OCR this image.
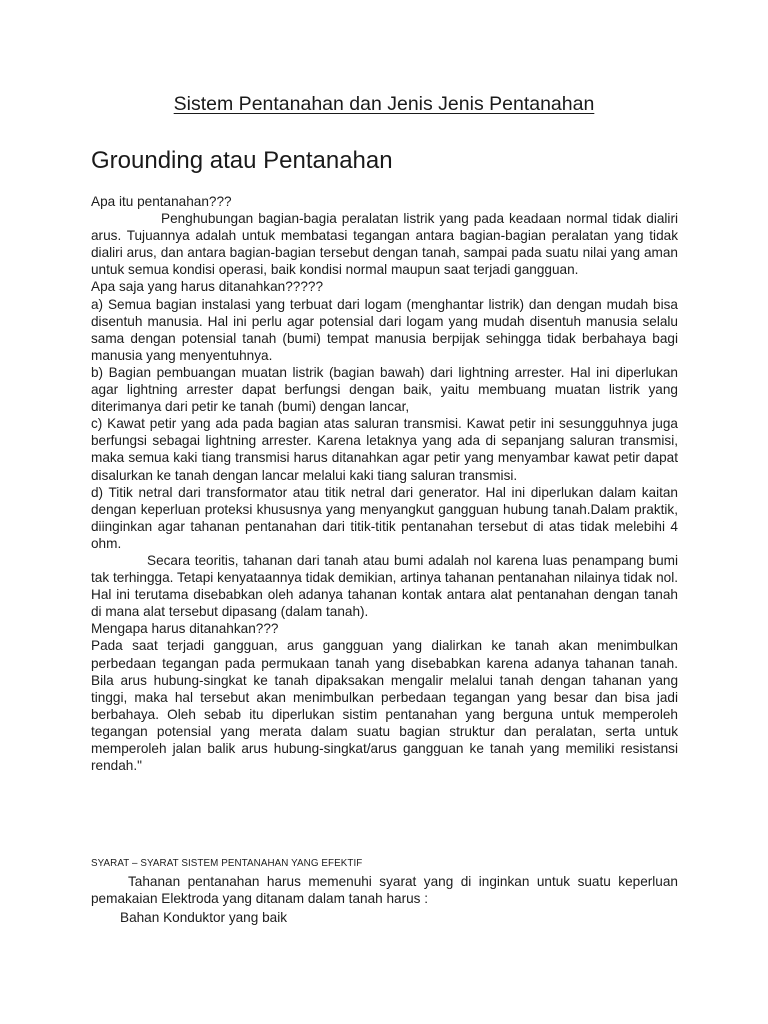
Sistem Pentanahan dan Jenis Jenis Pentanahan
Grounding atau Pentanahan

Apa itu pentanahan???

Penghubungan bagian-bagia peralatan listrik yang pada keadaan normal tidak dialiri arus. Tujuannya adalah untuk membatasi tegangan antara bagian-bagian peralatan yang tidak dialiri arus, dan antara bagian-bagian tersebut dengan tanah, sampai pada suatu nilai yang aman untuk semua kondisi operasi, baik kondisi normal maupun saat terjadi gangguan.

Apa saja yang harus ditanahkan?????

a) Semua bagian instalasi yang terbuat dari logam (menghantar listrik) dan dengan mudah bisa disentuh manusia. Hal ini perlu agar potensial dari logam yang mudah disentuh manusia selalu sama dengan potensial tanah (bumi) tempat manusia berpijak sehingga tidak berbahaya bagi manusia yang menyentuhnya.

b) Bagian pembuangan muatan listrik (bagian bawah) dari lightning arrester. Hal ini diperlukan agar lightning arrester dapat berfungsi dengan baik, yaitu membuang muatan listrik yang diterimanya dari petir ke tanah (bumi) dengan lancar,

c) Kawat petir yang ada pada bagian atas saluran transmisi. Kawat petir ini sesungguhnya juga berfungsi sebagai lightning arrester. Karena letaknya yang ada di sepanjang saluran transmisi, maka semua kaki tiang transmisi harus ditanahkan agar petir yang menyambar kawat petir dapat disalurkan ke tanah dengan lancar melalui kaki tiang saluran transmisi.

d) Titik netral dari transformator atau titik netral dari generator. Hal ini diperlukan dalam kaitan dengan keperluan proteksi khususnya yang menyangkut gangguan hubung tanah.Dalam praktik, diinginkan agar tahanan pentanahan dari titik-titik pentanahan tersebut di atas tidak melebihi 4 ohm.

Secara teoritis, tahanan dari tanah atau bumi adalah nol karena luas penampang bumi tak terhingga. Tetapi kenyataannya tidak demikian, artinya tahanan pentanahan nilainya tidak nol. Hal ini terutama disebabkan oleh adanya tahanan kontak antara alat pentanahan dengan tanah di mana alat tersebut dipasang (dalam tanah).

Mengapa harus ditanahkan???

Pada saat terjadi gangguan, arus gangguan yang dialirkan ke tanah akan menimbulkan perbedaan tegangan pada permukaan tanah yang disebabkan karena adanya tahanan tanah. Bila arus hubung-singkat ke tanah dipaksakan mengalir melalui tanah dengan tahanan yang tinggi, maka hal tersebut akan menimbulkan perbedaan tegangan yang besar dan bisa jadi berbahaya. Oleh sebab itu diperlukan sistim pentanahan yang berguna untuk memperoleh tegangan potensial yang merata dalam suatu bagian struktur dan peralatan, serta untuk memperoleh jalan balik arus hubung-singkat/arus gangguan ke tanah yang memiliki resistansi rendah."

SYARAT – SYARAT SISTEM PENTANAHAN YANG EFEKTIF

Tahanan pentanahan harus memenuhi syarat yang di inginkan untuk suatu keperluan pemakaian Elektroda yang ditanam dalam tanah harus :

Bahan Konduktor yang baik
